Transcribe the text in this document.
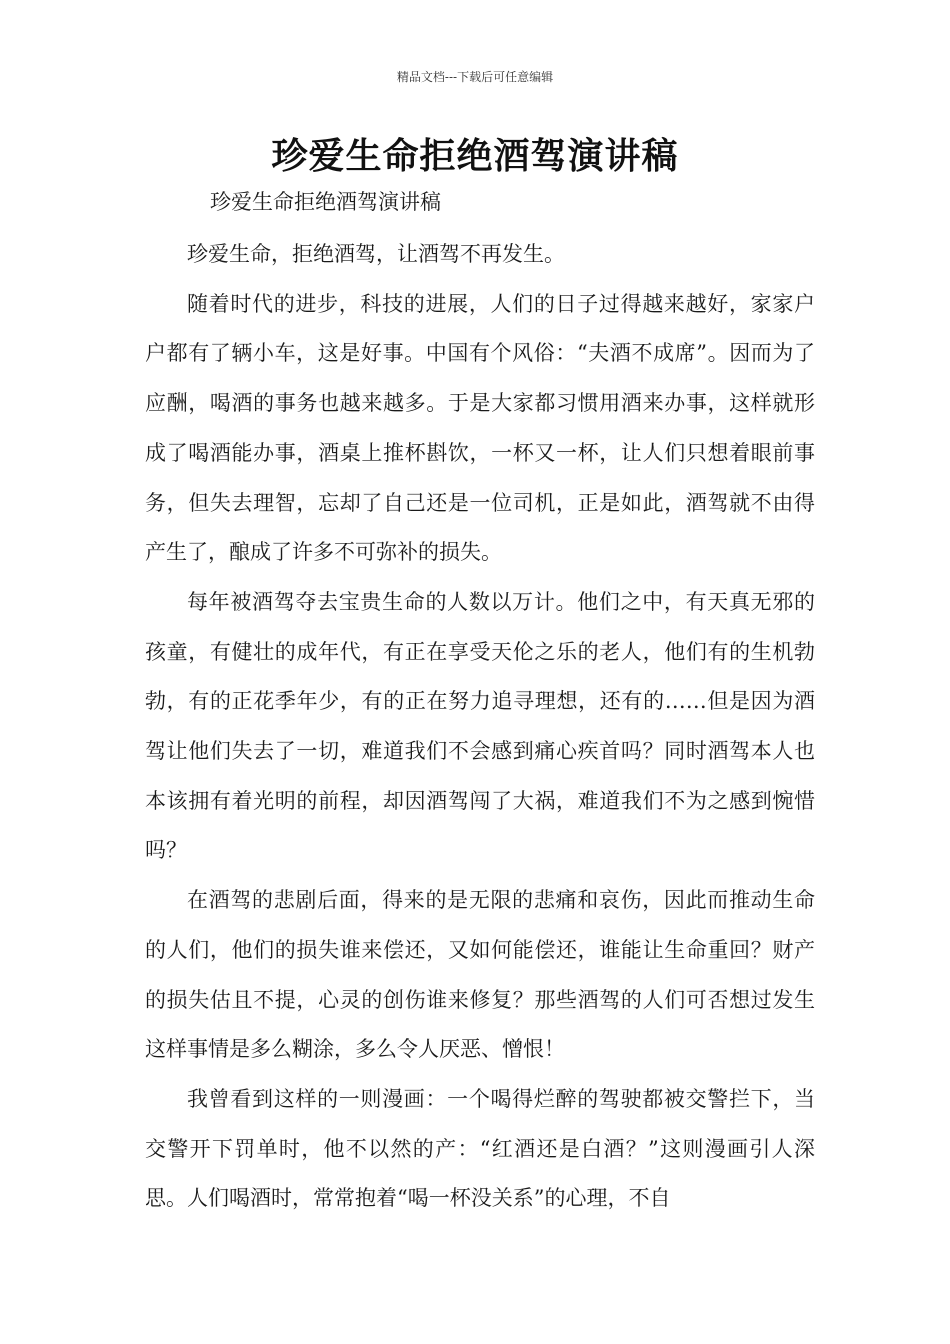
精品文档---下载后可任意编辑
珍爱生命拒绝酒驾演讲稿
珍爱生命拒绝酒驾演讲稿

珍爱生命，拒绝酒驾，让酒驾不再发生。

随着时代的进步，科技的进展，人们的日子过得越来越好，家家户户都有了辆小车，这是好事。中国有个风俗：“夫酒不成席”。因而为了应酬，喝酒的事务也越来越多。于是大家都习惯用酒来办事，这样就形成了喝酒能办事，酒桌上推杯斟饮，一杯又一杯，让人们只想着眼前事务，但失去理智，忘却了自己还是一位司机，正是如此，酒驾就不由得产生了，酿成了许多不可弥补的损失。

每年被酒驾夺去宝贵生命的人数以万计。他们之中，有天真无邪的孩童，有健壮的成年代，有正在享受天伦之乐的老人，他们有的生机勃勃，有的正花季年少，有的正在努力追寻理想，还有的……但是因为酒驾让他们失去了一切，难道我们不会感到痛心疾首吗？同时酒驾本人也本该拥有着光明的前程，却因酒驾闯了大祸，难道我们不为之感到惋惜吗？

在酒驾的悲剧后面，得来的是无限的悲痛和哀伤，因此而推动生命的人们，他们的损失谁来偿还，又如何能偿还，谁能让生命重回？财产的损失估且不提，心灵的创伤谁来修复？那些酒驾的人们可否想过发生这样事情是多么糊涂，多么令人厌恶、憎恨！

我曾看到这样的一则漫画：一个喝得烂醉的驾驶都被交警拦下，当交警开下罚单时，他不以然的产：“红酒还是白酒？”这则漫画引人深思。人们喝酒时，常常抱着“喝一杯没关系”的心理，不自
